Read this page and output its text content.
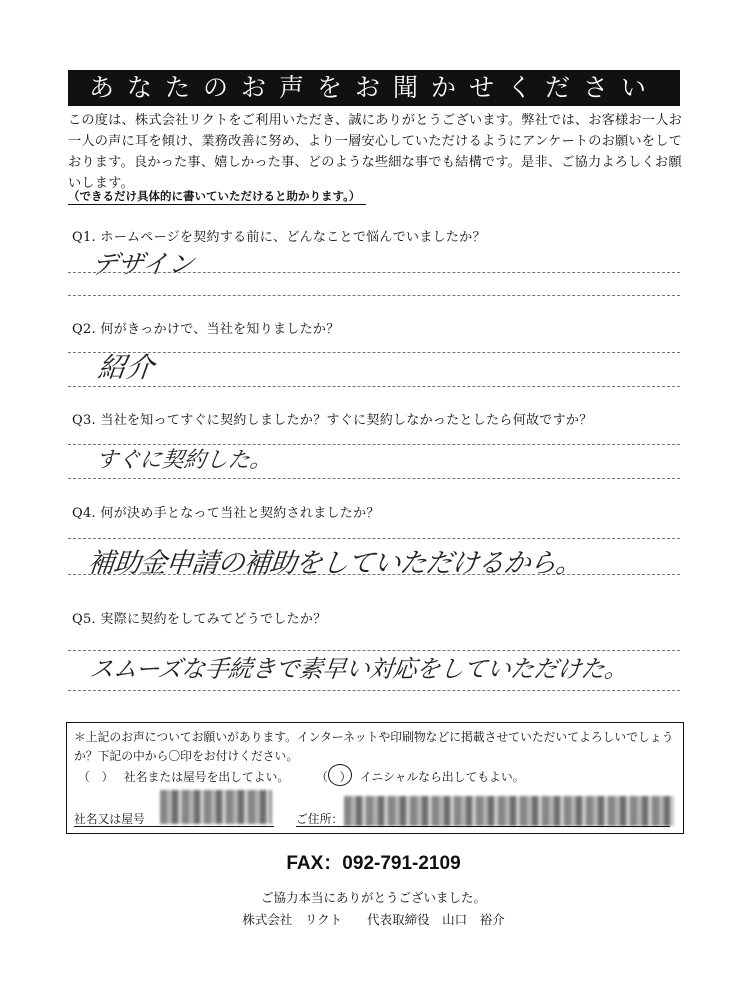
あなたのお声をお聞かせください
この度は、株式会社リクトをご利用いただき、誠にありがとうございます。弊社では、お客様お一人お一人の声に耳を傾け、業務改善に努め、より一層安心していただけるようにアンケートのお願いをしております。良かった事、嬉しかった事、どのような些細な事でも結構です。是非、ご協力よろしくお願いします。
（できるだけ具体的に書いていただけると助かります。）
Q1. ホームページを契約する前に、どんなことで悩んでいましたか？
デザイン
Q2. 何がきっかけで、当社を知りましたか？
紹介
Q3. 当社を知ってすぐに契約しましたか？すぐに契約しなかったとしたら何故ですか？
すぐに契約した。
Q4. 何が決め手となって当社と契約されましたか？
補助金申請の補助をしていただけるから。
Q5. 実際に契約をしてみてどうでしたか？
スムーズな手続きで素早い対応をしていただけた。
＊上記のお声についてお願いがあります。インターネットや印刷物などに掲載させていただいてよろしいでしょうか？下記の中から〇印をお付けください。
（　） 社名または屋号を出してよい。 （　） イニシャルなら出してもよい。
社名又は屋号	ご住所：
FAX：092-791-2109
ご協力本当にありがとうございました。
株式会社　リクト　　代表取締役　山口　裕介
